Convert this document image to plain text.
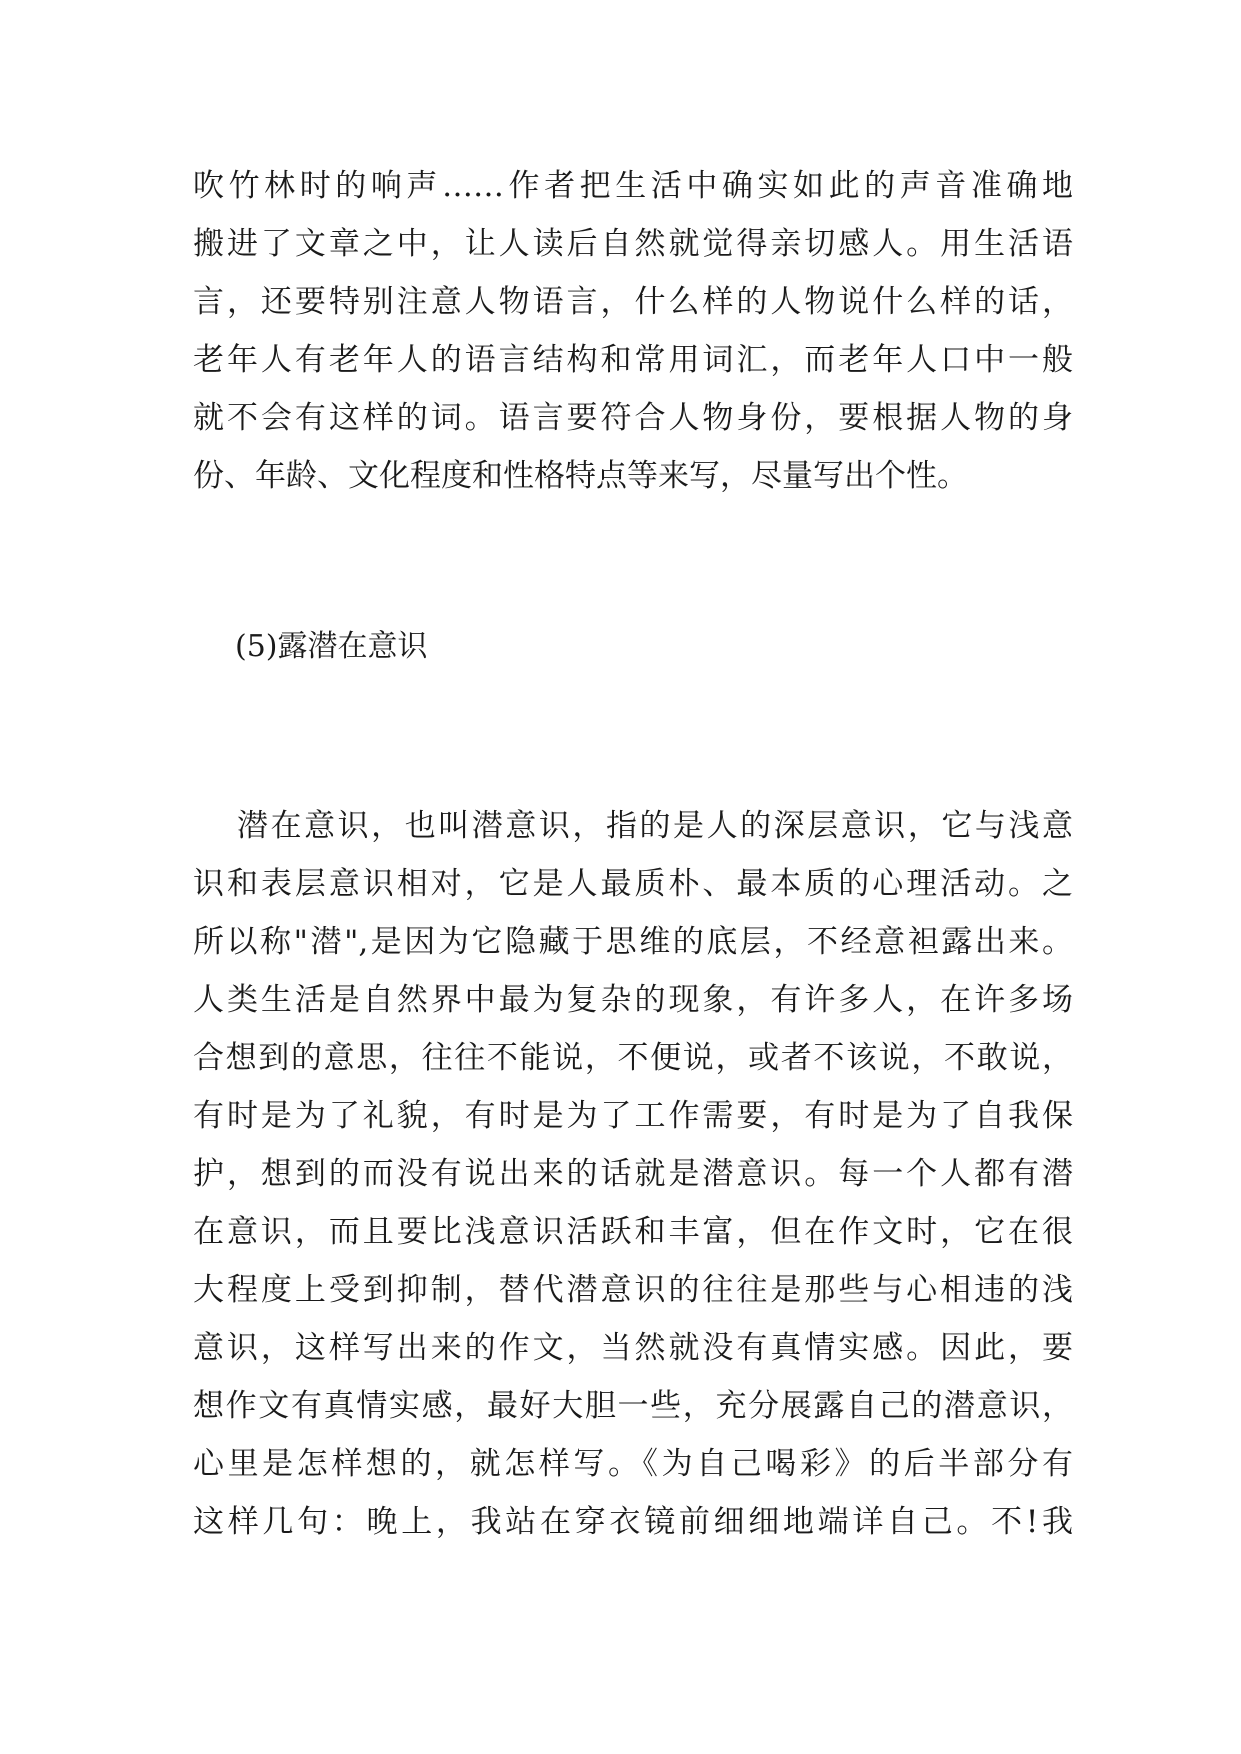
吹竹林时的响声……作者把生活中确实如此的声音准确地
搬进了文章之中，让人读后自然就觉得亲切感人。用生活语
言，还要特别注意人物语言，什么样的人物说什么样的话，
老年人有老年人的语言结构和常用词汇，而老年人口中一般
就不会有这样的词。语言要符合人物身份，要根据人物的身
份、年龄、文化程度和性格特点等来写，尽量写出个性。
(5)露潜在意识
潜在意识，也叫潜意识，指的是人的深层意识，它与浅意
识和表层意识相对，它是人最质朴、最本质的心理活动。之
所以称"潜",是因为它隐藏于思维的底层，不经意袒露出来。
人类生活是自然界中最为复杂的现象，有许多人，在许多场
合想到的意思，往往不能说，不便说，或者不该说，不敢说，
有时是为了礼貌，有时是为了工作需要，有时是为了自我保
护，想到的而没有说出来的话就是潜意识。每一个人都有潜
在意识，而且要比浅意识活跃和丰富，但在作文时，它在很
大程度上受到抑制，替代潜意识的往往是那些与心相违的浅
意识，这样写出来的作文，当然就没有真情实感。因此，要
想作文有真情实感，最好大胆一些，充分展露自己的潜意识，
心里是怎样想的，就怎样写。《为自己喝彩》的后半部分有
这样几句：晚上，我站在穿衣镜前细细地端详自己。不!我
